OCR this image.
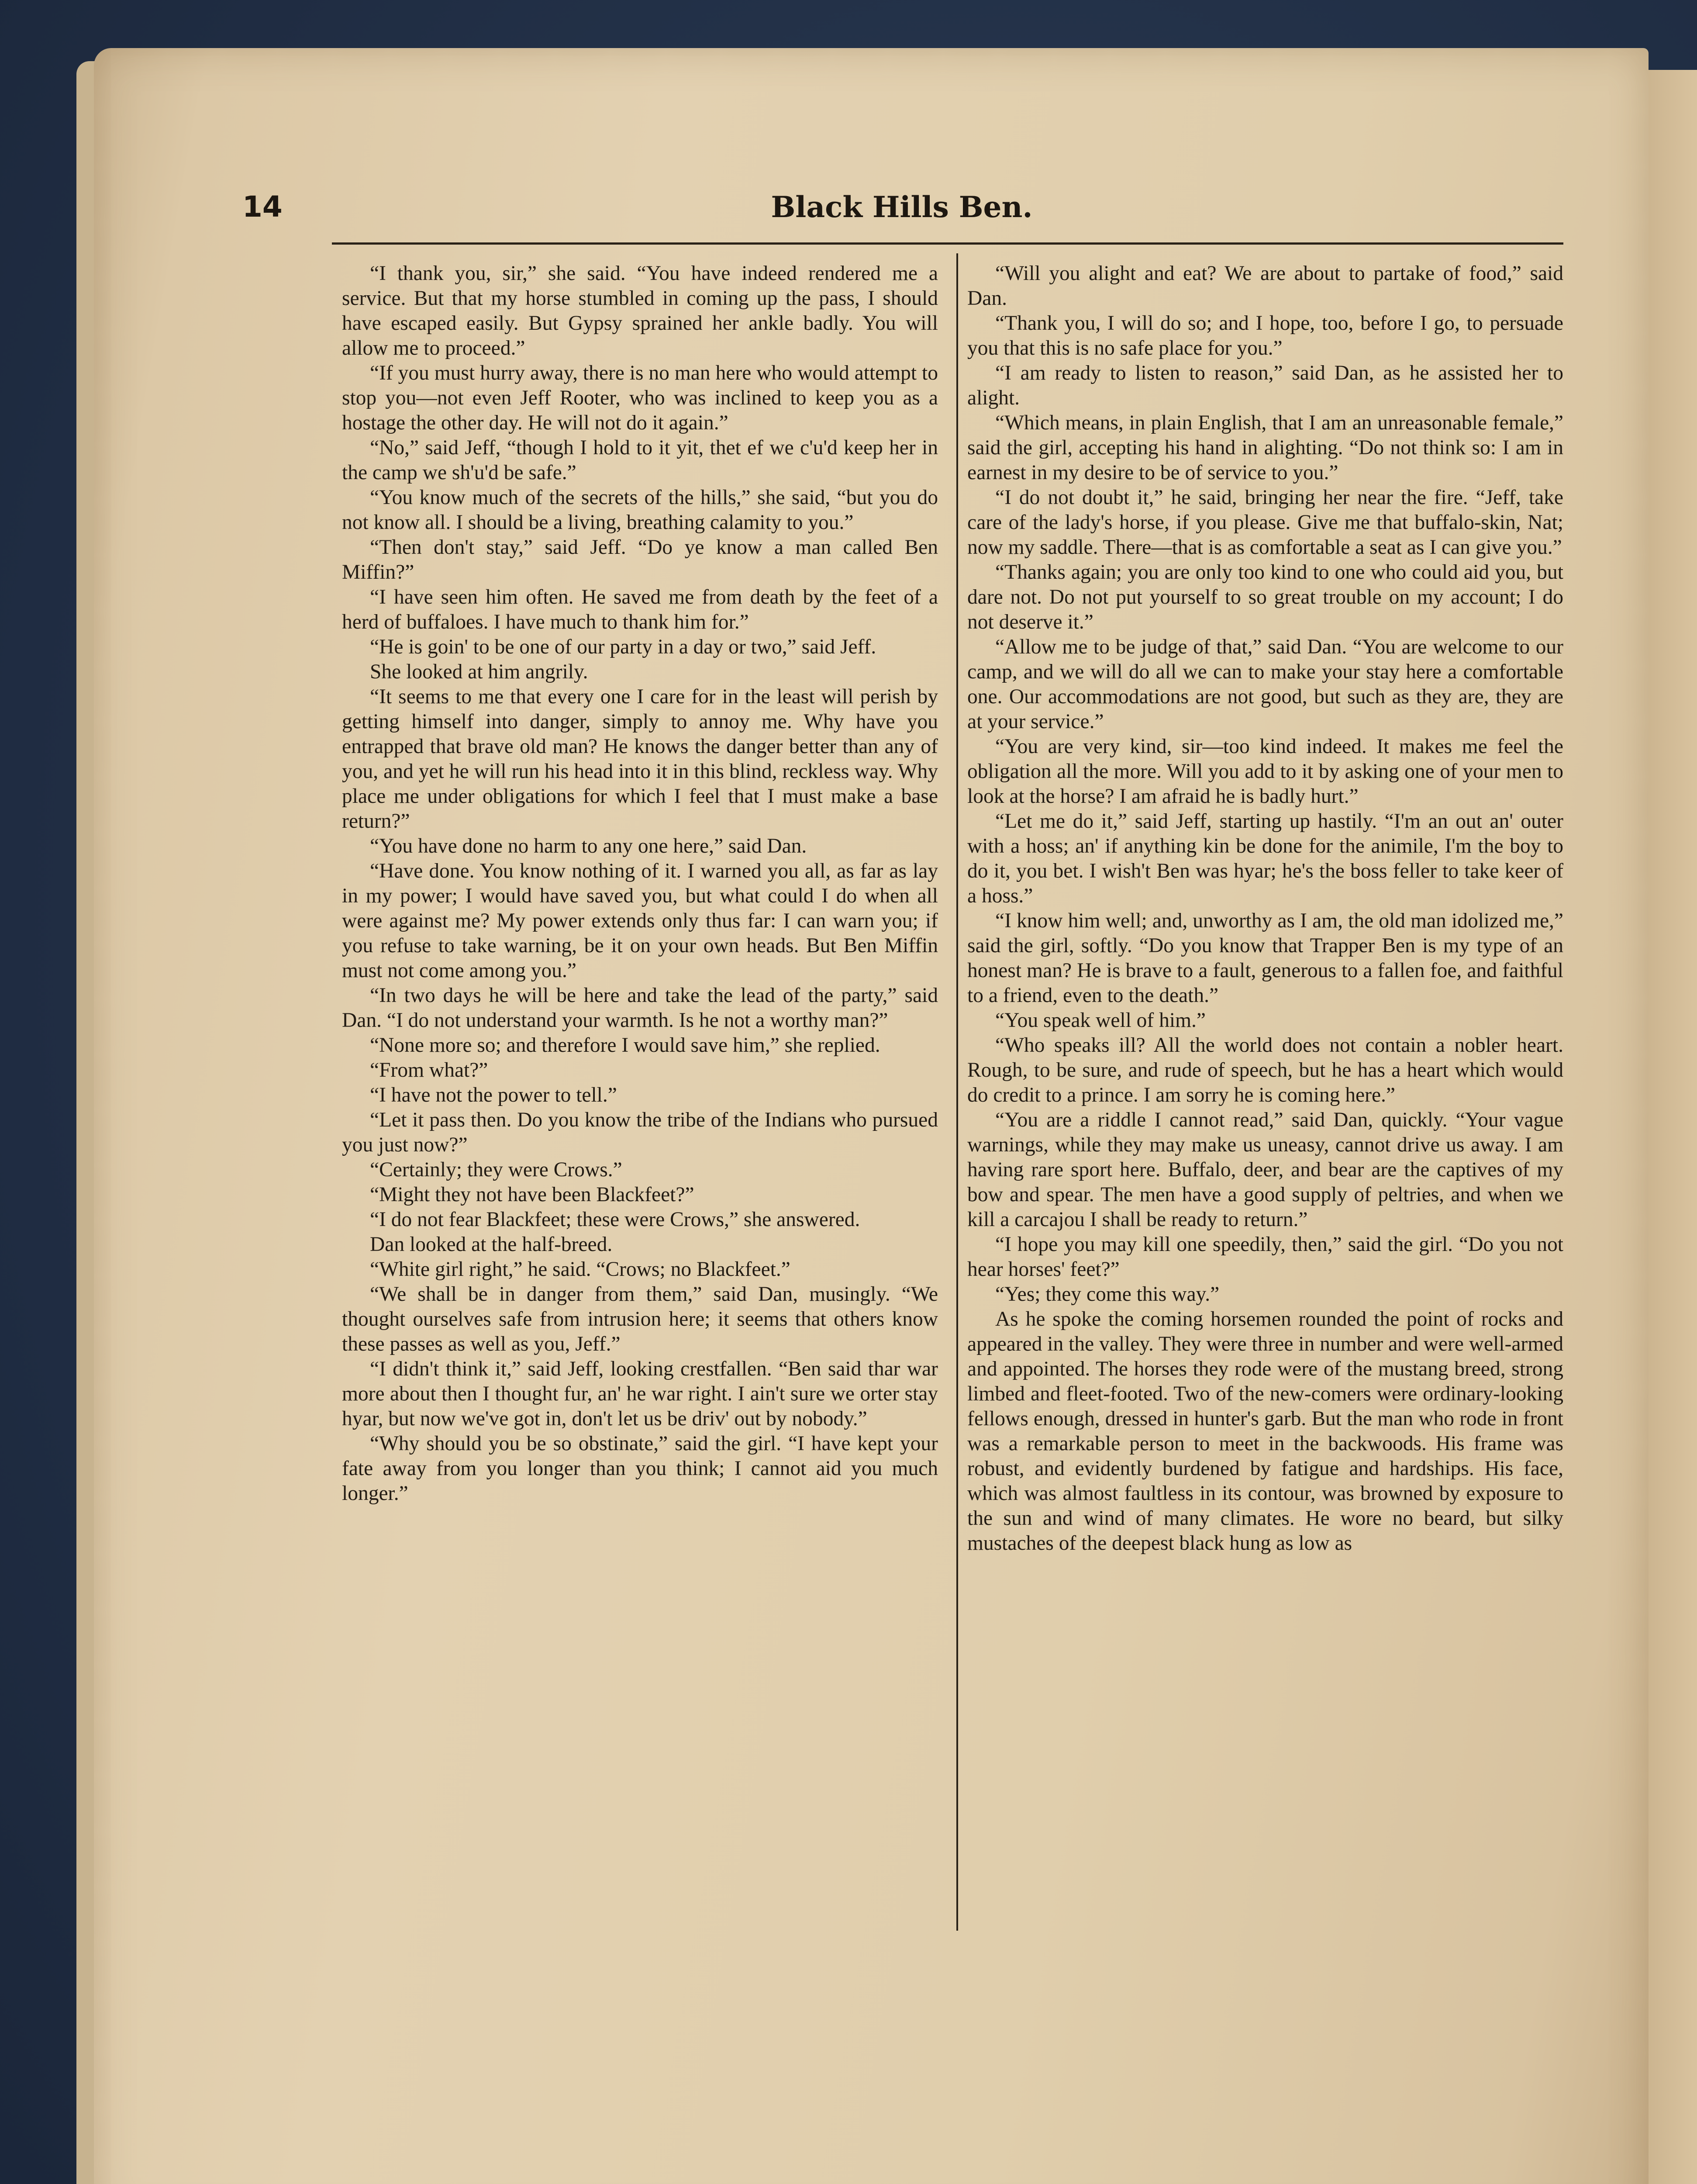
14	Black Hills Ben.

“I thank you, sir,” she said. “You have indeed rendered me a service. But that my horse stumbled in coming up the pass, I should have escaped easily. But Gypsy sprained her ankle badly. You will allow me to proceed.”

“If you must hurry away, there is no man here who would attempt to stop you—not even Jeff Rooter, who was inclined to keep you as a hostage the other day. He will not do it again.”

“No,” said Jeff, “though I hold to it yit, thet ef we c'u'd keep her in the camp we sh'u'd be safe.”

“You know much of the secrets of the hills,” she said, “but you do not know all. I should be a living, breathing calamity to you.”

“Then don't stay,” said Jeff. “Do ye know a man called Ben Miffin?”

“I have seen him often. He saved me from death by the feet of a herd of buffaloes. I have much to thank him for.”

“He is goin' to be one of our party in a day or two,” said Jeff.

She looked at him angrily.

“It seems to me that every one I care for in the least will perish by getting himself into danger, simply to annoy me. Why have you entrapped that brave old man? He knows the danger better than any of you, and yet he will run his head into it in this blind, reckless way. Why place me under obligations for which I feel that I must make a base return?”

“You have done no harm to any one here,” said Dan.

“Have done. You know nothing of it. I warned you all, as far as lay in my power; I would have saved you, but what could I do when all were against me? My power extends only thus far: I can warn you; if you refuse to take warning, be it on your own heads. But Ben Miffin must not come among you.”

“In two days he will be here and take the lead of the party,” said Dan. “I do not understand your warmth. Is he not a worthy man?”

“None more so; and therefore I would save him,” she replied.

“From what?”

“I have not the power to tell.”

“Let it pass then. Do you know the tribe of the Indians who pursued you just now?”

“Certainly; they were Crows.”

“Might they not have been Blackfeet?”

“I do not fear Blackfeet; these were Crows,” she answered.

Dan looked at the half-breed.

“White girl right,” he said. “Crows; no Blackfeet.”

“We shall be in danger from them,” said Dan, musingly. “We thought ourselves safe from intrusion here; it seems that others know these passes as well as you, Jeff.”

“I didn't think it,” said Jeff, looking crestfallen. “Ben said thar war more about then I thought fur, an' he war right. I ain't sure we orter stay hyar, but now we've got in, don't let us be driv' out by nobody.”

“Why should you be so obstinate,” said the girl. “I have kept your fate away from you longer than you think; I cannot aid you much longer.”

“Will you alight and eat? We are about to partake of food,” said Dan.

“Thank you, I will do so; and I hope, too, before I go, to persuade you that this is no safe place for you.”

“I am ready to listen to reason,” said Dan, as he assisted her to alight.

“Which means, in plain English, that I am an unreasonable female,” said the girl, accepting his hand in alighting. “Do not think so: I am in earnest in my desire to be of service to you.”

“I do not doubt it,” he said, bringing her near the fire. “Jeff, take care of the lady's horse, if you please. Give me that buffalo-skin, Nat; now my saddle. There—that is as comfortable a seat as I can give you.”

“Thanks again; you are only too kind to one who could aid you, but dare not. Do not put yourself to so great trouble on my account; I do not deserve it.”

“Allow me to be judge of that,” said Dan. “You are welcome to our camp, and we will do all we can to make your stay here a comfortable one. Our accommodations are not good, but such as they are, they are at your service.”

“You are very kind, sir—too kind indeed. It makes me feel the obligation all the more. Will you add to it by asking one of your men to look at the horse? I am afraid he is badly hurt.”

“Let me do it,” said Jeff, starting up hastily. “I'm an out an' outer with a hoss; an' if anything kin be done for the animile, I'm the boy to do it, you bet. I wish't Ben was hyar; he's the boss feller to take keer of a hoss.”

“I know him well; and, unworthy as I am, the old man idolized me,” said the girl, softly. “Do you know that Trapper Ben is my type of an honest man? He is brave to a fault, generous to a fallen foe, and faithful to a friend, even to the death.”

“You speak well of him.”

“Who speaks ill? All the world does not contain a nobler heart. Rough, to be sure, and rude of speech, but he has a heart which would do credit to a prince. I am sorry he is coming here.”

“You are a riddle I cannot read,” said Dan, quickly. “Your vague warnings, while they may make us uneasy, cannot drive us away. I am having rare sport here. Buffalo, deer, and bear are the captives of my bow and spear. The men have a good supply of peltries, and when we kill a carcajou I shall be ready to return.”

“I hope you may kill one speedily, then,” said the girl. “Do you not hear horses' feet?”

“Yes; they come this way.”

As he spoke the coming horsemen rounded the point of rocks and appeared in the valley. They were three in number and were well-armed and appointed. The horses they rode were of the mustang breed, strong limbed and fleet-footed. Two of the new-comers were ordinary-looking fellows enough, dressed in hunter's garb. But the man who rode in front was a remarkable person to meet in the backwoods. His frame was robust, and evidently burdened by fatigue and hardships. His face, which was almost faultless in its contour, was browned by exposure to the sun and wind of many climates. He wore no beard, but silky mustaches of the deepest black hung as low as
